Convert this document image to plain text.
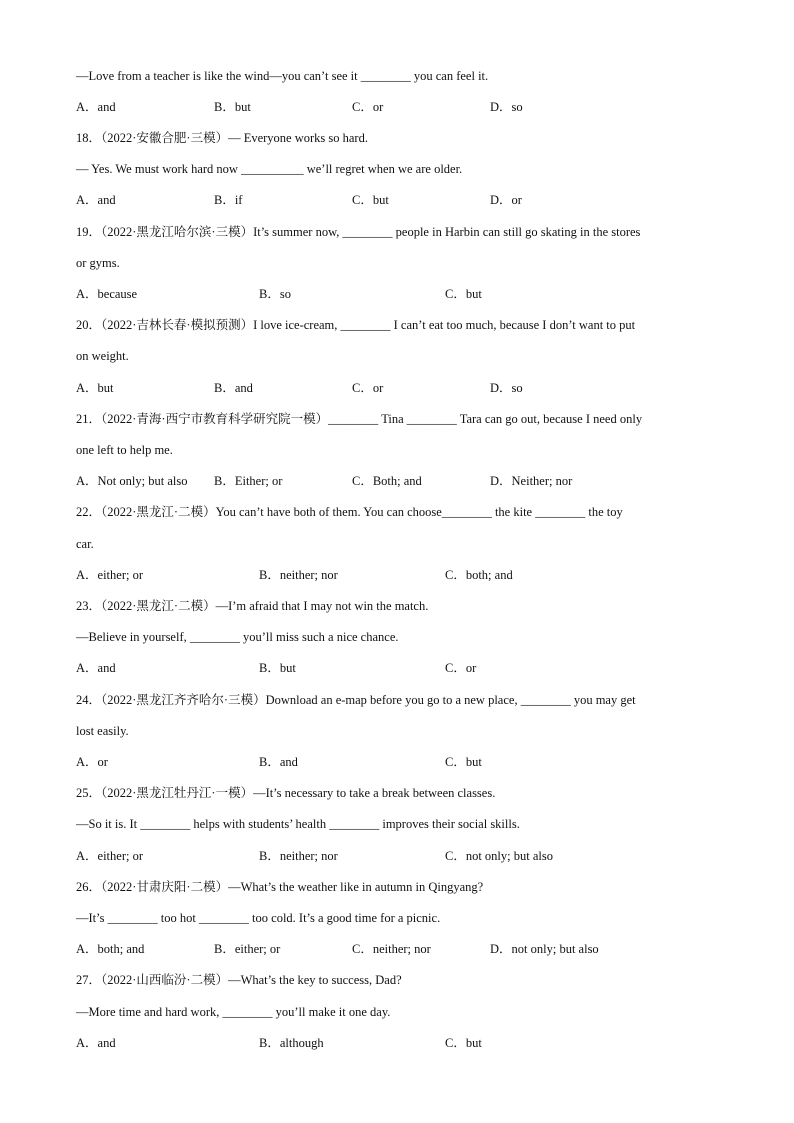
—Love from a teacher is like the wind—you can’t see it ________ you can feel it.
A．and	B．but	C．or	D．so
18．（2022·安徽合肥·三模）— Everyone works so hard.
— Yes. We must work hard now __________ we’ll regret when we are older.
A．and	B．if	C．but	D．or
19．（2022·黑龙江哈尔滨·三模）It’s summer now, ________ people in Harbin can still go skating in the stores
or gyms.
A．because	B．so	C．but
20．（2022·吉林长春·模拟预测）I love ice-cream, ________ I can’t eat too much, because I don’t want to put
on weight.
A．but	B．and	C．or	D．so
21．（2022·青海·西宁市教育科学研究院一模）________ Tina ________ Tara can go out, because I need only
one left to help me.
A．Not only; but also B．Either; or	C．Both; and	D．Neither; nor
22．（2022·黑龙江·二模）You can’t have both of them. You can choose________ the kite ________ the toy
car.
A．either; or	B．neither; nor	C．both; and
23．（2022·黑龙江·二模）—I’m afraid that I may not win the match.
—Believe in yourself, ________ you’ll miss such a nice chance.
A．and	B．but	C．or
24．（2022·黑龙江齐齐哈尔·三模）Download an e-map before you go to a new place, ________ you may get
lost easily.
A．or	B．and	C．but
25．（2022·黑龙江牡丹江·一模）—It’s necessary to take a break between classes.
—So it is. It ________ helps with students’ health ________ improves their social skills.
A．either; or	B．neither; nor	C．not only; but also
26．（2022·甘肃庆阳·二模）—What’s the weather like in autumn in Qingyang?
—It’s ________ too hot ________ too cold. It’s a good time for a picnic.
A．both; and	B．either; or	C．neither; nor	D．not only; but also
27．（2022·山西临汾·二模）—What’s the key to success, Dad?
—More time and hard work, ________ you’ll make it one day.
A．and	B．although	C．but
